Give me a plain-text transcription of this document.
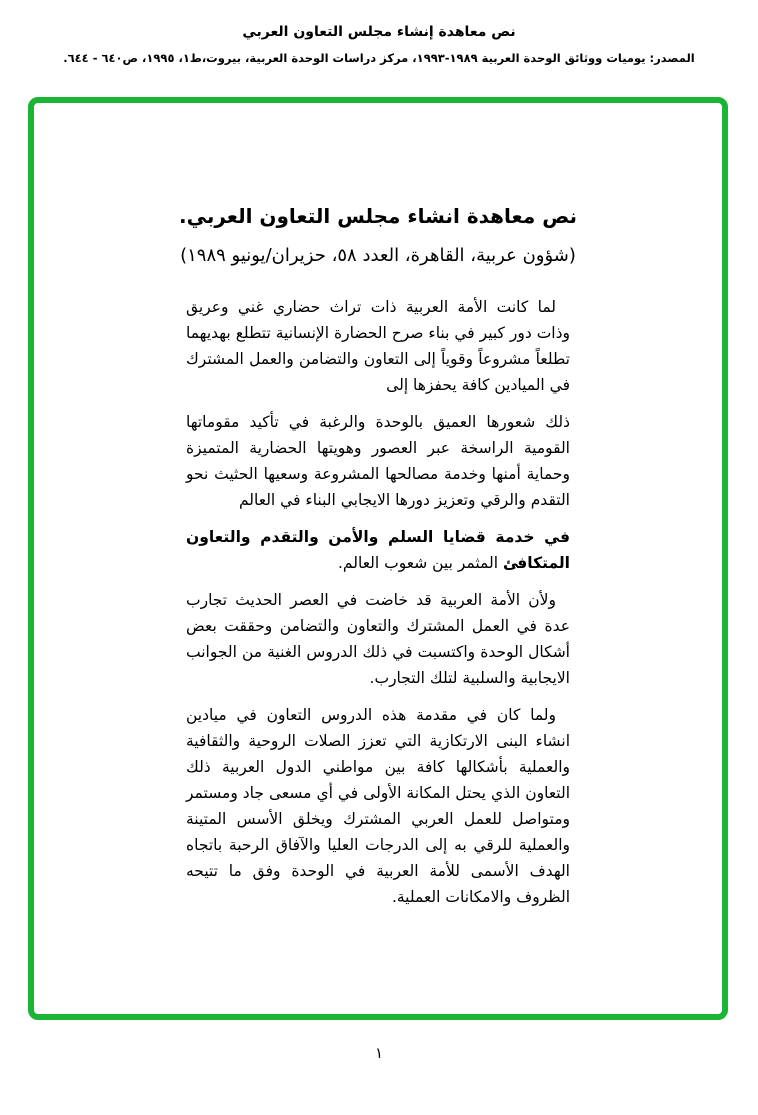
نص معاهدة إنشاء مجلس التعاون العربي
المصدر: يوميات ووثائق الوحدة العربية ١٩٨٩-١٩٩٣، مركز دراسات الوحدة العربية، بيروت،ط١، ١٩٩٥، ص٦٤٠ - ٦٤٤.
نص معاهدة انشاء مجلس التعاون العربي.
(شؤون عربية، القاهرة، العدد ٥٨، حزيران/يونيو ١٩٨٩)

لما كانت الأمة العربية ذات تراث حضاري غني وعريق وذات دور كبير في بناء صرح الحضارة الإنسانية تتطلع بهديهما تطلعاً مشروعاً وقوياً إلى التعاون والتضامن والعمل المشترك في الميادين كافة يحفزها إلى

ذلك شعورها العميق بالوحدة والرغبة في تأكيد مقوماتها القومية الراسخة عبر العصور وهويتها الحضارية المتميزة وحماية أمنها وخدمة مصالحها المشروعة وسعيها الحثيث نحو التقدم والرقي وتعزيز دورها الايجابي البناء في العالم

في خدمة قضايا السلم والأمن والتقدم والتعاون المتكافئ المثمر بين شعوب العالم.

ولأن الأمة العربية قد خاضت في العصر الحديث تجارب عدة في العمل المشترك والتعاون والتضامن وحققت بعض أشكال الوحدة واكتسبت في ذلك الدروس الغنية من الجوانب الايجابية والسلبية لتلك التجارب.

ولما كان في مقدمة هذه الدروس التعاون في ميادين انشاء البنى الارتكازية التي تعزز الصلات الروحية والثقافية والعملية بأشكالها كافة بين مواطني الدول العربية ذلك التعاون الذي يحتل المكانة الأولى في أي مسعى جاد ومستمر ومتواصل للعمل العربي المشترك ويخلق الأسس المتينة والعملية للرقي به إلى الدرجات العليا والآفاق الرحبة باتجاه الهدف الأسمى للأمة العربية في الوحدة وفق ما تتيحه الظروف والامكانات العملية.

١
